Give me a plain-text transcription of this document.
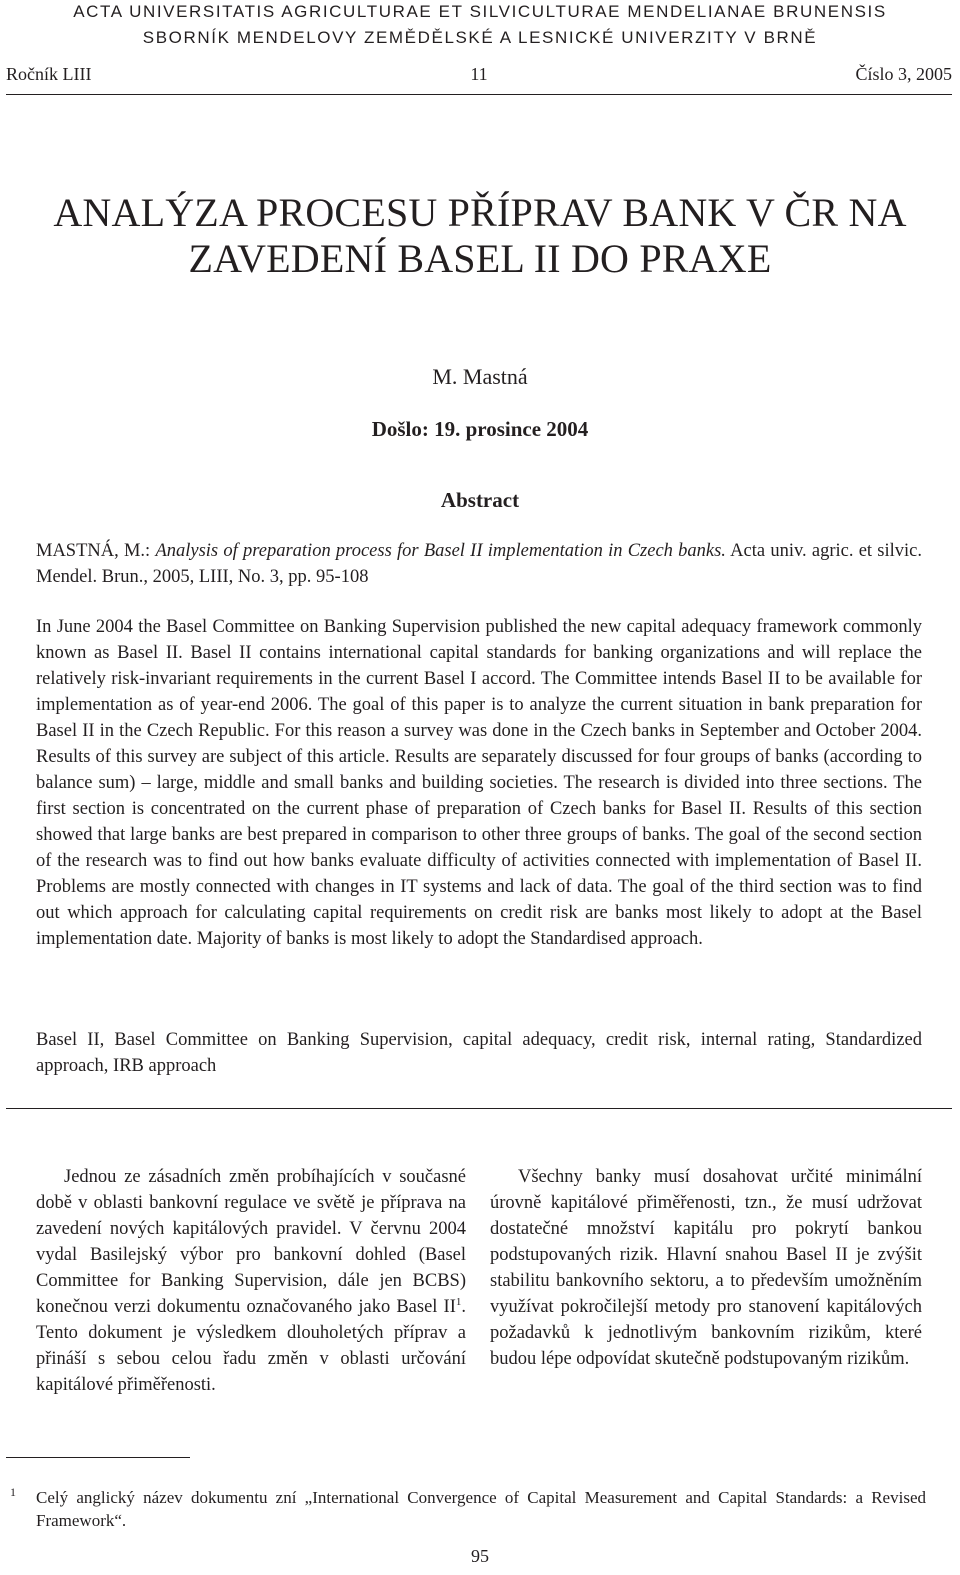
ACTA UNIVERSITATIS AGRICULTURAE ET SILVICULTURAE MENDELIANAE BRUNENSIS
SBORNÍK MENDELOVY ZEMĚDĚLSKÉ A LESNICKÉ UNIVERZITY V BRNĚ
Ročník LIII	11	Číslo 3, 2005
ANALÝZA PROCESU PŘÍPRAV BANK V ČR NA
ZAVEDENÍ BASEL II DO PRAXE
M. Mastná
Došlo: 19. prosince 2004
Abstract
MASTNÁ, M.: Analysis of preparation process for Basel II implementation in Czech banks. Acta univ. agric. et silvic. Mendel. Brun., 2005, LIII, No. 3, pp. 95-108
In June 2004 the Basel Committee on Banking Supervision published the new capital adequacy framework commonly known as Basel II. Basel II contains international capital standards for banking organizations and will replace the relatively risk-invariant requirements in the current Basel I accord. The Committee intends Basel II to be available for implementation as of year-end 2006. The goal of this paper is to analyze the current situation in bank preparation for Basel II in the Czech Republic. For this reason a survey was done in the Czech banks in September and October 2004. Results of this survey are subject of this article. Results are separately discussed for four groups of banks (according to balance sum) – large, middle and small banks and building societies. The research is divided into three sections. The first section is concentrated on the current phase of preparation of Czech banks for Basel II. Results of this section showed that large banks are best prepared in comparison to other three groups of banks. The goal of the second section of the research was to find out how banks evaluate difficulty of activities connected with implementation of Basel II. Problems are mostly connected with changes in IT systems and lack of data. The goal of the third section was to find out which approach for calculating capital requirements on credit risk are banks most likely to adopt at the Basel implementation date. Majority of banks is most likely to adopt the Standardised approach.
Basel II, Basel Committee on Banking Supervision, capital adequacy, credit risk, internal rating, Standardized approach, IRB approach
Jednou ze zásadních změn probíhajících v současné době v oblasti bankovní regulace ve světě je příprava na zavedení nových kapitálových pravidel. V červnu 2004 vydal Basilejský výbor pro bankovní dohled (Basel Committee for Banking Supervision, dále jen BCBS) konečnou verzi dokumentu označovaného jako Basel $II^1$. Tento dokument je výsledkem dlouholetých příprav a přináší s sebou celou řadu změn v oblasti určování kapitálové přiměřenosti.
Všechny banky musí dosahovat určité minimální úrovně kapitálové přiměřenosti, tzn., že musí udržovat dostatečné množství kapitálu pro pokrytí bankou podstupovaných rizik. Hlavní snahou Basel II je zvýšit stabilitu bankovního sektoru, a to především umožněním využívat pokročilejší metody pro stanovení kapitálových požadavků k jednotlivým bankovním rizikům, které budou lépe odpovídat skutečně podstupovaným rizikům.
1 Celý anglický název dokumentu zní „International Convergence of Capital Measurement and Capital Standards: a Revised Framework“.
95
